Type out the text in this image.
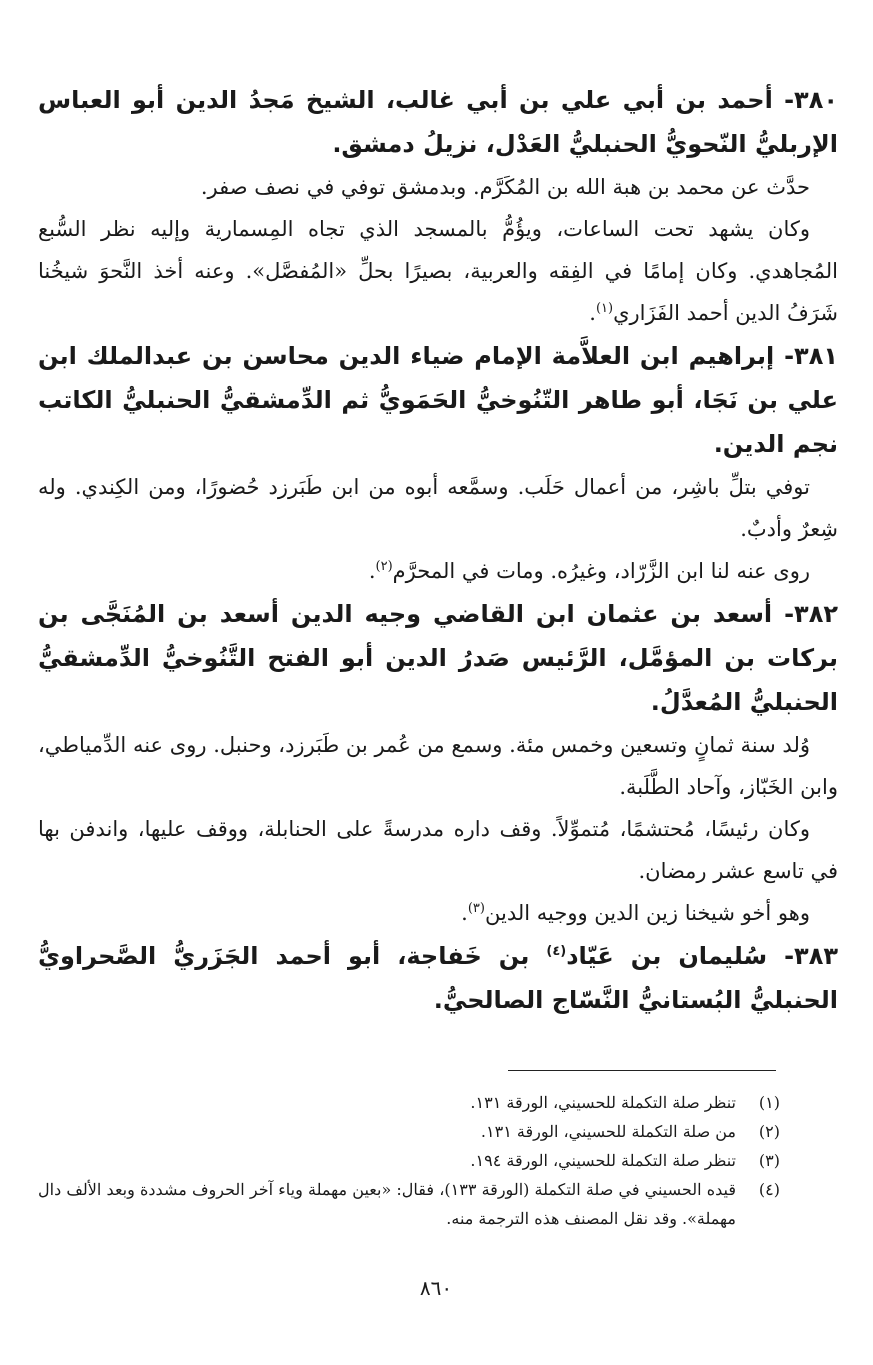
٣٨٠- أحمد بن أبي علي بن أبي غالب، الشيخ مَجدُ الدين أبو العباس الإربليُّ النّحويُّ الحنبليُّ العَدْل، نزيلُ دمشق.

حدَّث عن محمد بن هبة الله بن المُكَرَّم. وبدمشق توفي في نصف صفر.

وكان يشهد تحت الساعات، ويؤُمُّ بالمسجد الذي تجاه المِسمارية وإليه نظر السُّبع المُجاهدي. وكان إمامًا في الفِقه والعربية، بصيرًا بحلِّ «المُفصَّل». وعنه أخذ النَّحوَ شيخُنا شَرَفُ الدين أحمد الفَزَاري$^{(١)}$.

٣٨١- إبراهيم ابن العلاَّمة الإمام ضياء الدين محاسن بن عبدالملك ابن علي بن نَجَا، أبو طاهر التّنُوخيُّ الحَمَويُّ ثم الدِّمشقيُّ الحنبليُّ الكاتب نجم الدين.

توفي بتلِّ باشِر، من أعمال حَلَب. وسمَّعه أبوه من ابن طَبَرزد حُضورًا، ومن الكِندي. وله شِعرٌ وأدبٌ.

روى عنه لنا ابن الزَّرّاد، وغيرُه. ومات في المحرَّم$^{(٢)}$.

٣٨٢- أسعد بن عثمان ابن القاضي وجيه الدين أسعد بن المُنَجَّى بن بركات بن المؤمَّل، الرَّئيس صَدرُ الدين أبو الفتح التَّنُوخيُّ الدِّمشقيُّ الحنبليُّ المُعدَّلُ.

وُلد سنة ثمانٍ وتسعين وخمس مئة. وسمع من عُمر بن طَبَرزد، وحنبل. روى عنه الدِّمياطي، وابن الخَبّاز، وآحاد الطَّلَبة.

وكان رئيسًا، مُحتشمًا، مُتموِّلاً. وقف داره مدرسةً على الحنابلة، ووقف عليها، واندفن بها في تاسع عشر رمضان.

وهو أخو شيخنا زين الدين ووجيه الدين$^{(٣)}$.

٣٨٣- سُليمان بن عَيّاد$^{(٤)}$ بن خَفاجة، أبو أحمد الجَزَريُّ الصَّحراويُّ الحنبليُّ البُستانيُّ النَّسّاج الصالحيُّ.

(١)
تنظر صلة التكملة للحسيني، الورقة ١٣١.
(٢)
من صلة التكملة للحسيني، الورقة ١٣١.
(٣)
تنظر صلة التكملة للحسيني، الورقة ١٩٤.
(٤)
قيده الحسيني في صلة التكملة (الورقة ١٣٣)، فقال: «بعين مهملة وياء آخر الحروف مشددة وبعد الألف دال مهملة». وقد نقل المصنف هذه الترجمة منه.
٨٦٠
